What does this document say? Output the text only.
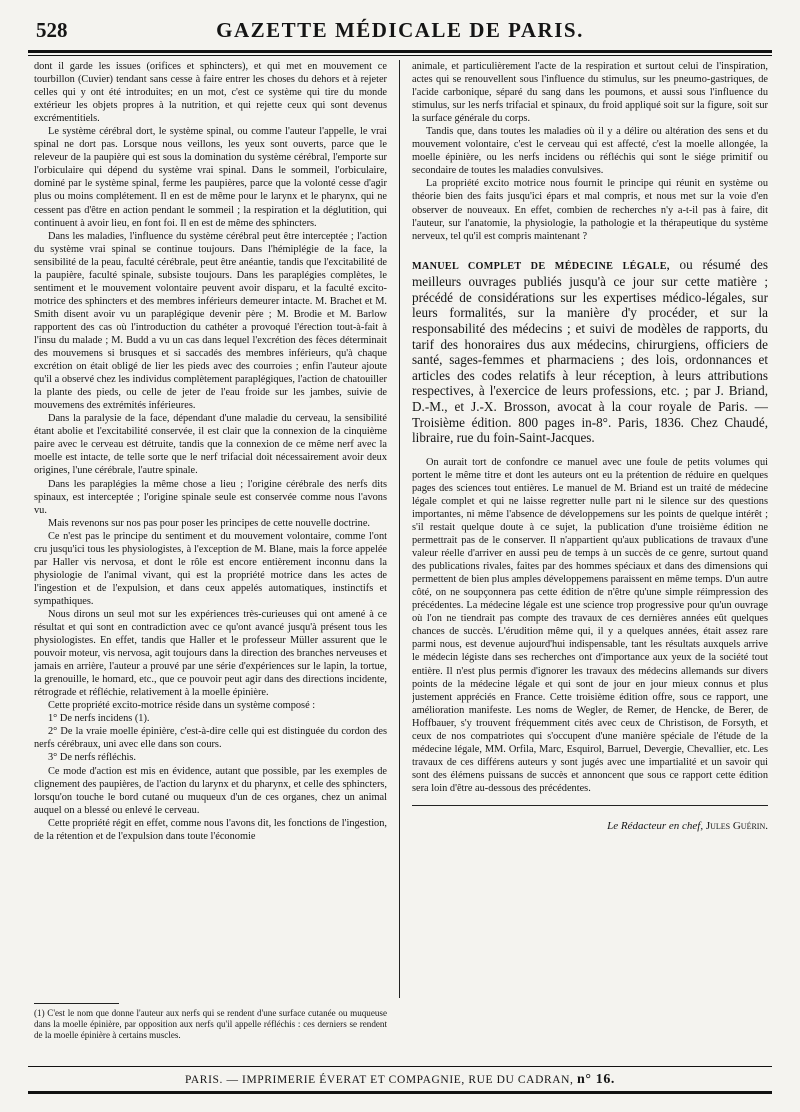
528	GAZETTE MÉDICALE DE PARIS.

dont il garde les issues (orifices et sphincters), et qui met en mouvement ce tourbillon (Cuvier) tendant sans cesse à faire entrer les choses du dehors et à rejeter celles qui y ont été introduites; en un mot, c'est ce système qui tire du monde extérieur les objets propres à la nutrition, et qui rejette ceux qui sont devenus excrémentitiels.

Le système cérébral dort, le système spinal, ou comme l'auteur l'appelle, le vrai spinal ne dort pas. Lorsque nous veillons, les yeux sont ouverts, parce que le releveur de la paupière qui est sous la domination du système cérébral, l'emporte sur l'orbiculaire qui dépend du système vrai spinal. Dans le sommeil, l'orbiculaire, dominé par le système spinal, ferme les paupières, parce que la volonté cesse d'agir plus ou moins complétement. Il en est de même pour le larynx et le pharynx, qui ne cessent pas d'être en action pendant le sommeil ; la respiration et la déglutition, qui continuent à avoir lieu, en font foi. Il en est de même des sphincters.

Dans les maladies, l'influence du système cérébral peut être interceptée ; l'action du système vrai spinal se continue toujours. Dans l'hémiplégie de la face, la sensibilité de la peau, faculté cérébrale, peut être anéantie, tandis que l'excitabilité de la paupière, faculté spinale, subsiste toujours. Dans les paraplégies complètes, le sentiment et le mouvement volontaire peuvent avoir disparu, et la faculté excito-motrice des sphincters et des membres inférieurs demeurer intacte. M. Brachet et M. Smith disent avoir vu un paraplégique devenir père ; M. Brodie et M. Barlow rapportent des cas où l'introduction du cathéter a provoqué l'érection tout-à-fait à l'insu du malade ; M. Budd a vu un cas dans lequel l'excrétion des fèces déterminait des mouvemens si brusques et si saccadés des membres inférieurs, qu'à chaque excrétion on était obligé de lier les pieds avec des courroies ; enfin l'auteur ajoute qu'il a observé chez les individus complètement paraplégiques, l'action de chatouiller la plante des pieds, ou celle de jeter de l'eau froide sur les jambes, suivie de mouvemens des extrémités inférieures.

Dans la paralysie de la face, dépendant d'une maladie du cerveau, la sensibilité étant abolie et l'excitabilité conservée, il est clair que la connexion de la cinquième paire avec le cerveau est détruite, tandis que la connexion de ce même nerf avec la moelle est intacte, de telle sorte que le nerf trifacial doit nécessairement avoir deux origines, l'une cérébrale, l'autre spinale.

Dans les paraplégies la même chose a lieu ; l'origine cérébrale des nerfs dits spinaux, est interceptée ; l'origine spinale seule est conservée comme nous l'avons vu.

Mais revenons sur nos pas pour poser les principes de cette nouvelle doctrine.

Ce n'est pas le principe du sentiment et du mouvement volontaire, comme l'ont cru jusqu'ici tous les physiologistes, à l'exception de M. Blane, mais la force appelée par Haller vis nervosa, et dont le rôle est encore entièrement inconnu dans la physiologie de l'animal vivant, qui est la propriété motrice dans les actes de l'ingestion et de l'expulsion, et dans ceux appelés automatiques, instinctifs et sympathiques.

Nous dirons un seul mot sur les expériences très-curieuses qui ont amené à ce résultat et qui sont en contradiction avec ce qu'ont avancé jusqu'à présent tous les physiologistes. En effet, tandis que Haller et le professeur Müller assurent que le pouvoir moteur, vis nervosa, agit toujours dans la direction des branches nerveuses et jamais en arrière, l'auteur a prouvé par une série d'expériences sur le lapin, la tortue, la grenouille, le homard, etc., que ce pouvoir peut agir dans des directions incidente, rétrograde et réfléchie, relativement à la moelle épinière.

Cette propriété excito-motrice réside dans un système composé :

1° De nerfs incidens (1).

2° De la vraie moelle épinière, c'est-à-dire celle qui est distinguée du cordon des nerfs cérébraux, uni avec elle dans son cours.

3° De nerfs réfléchis.

Ce mode d'action est mis en évidence, autant que possible, par les exemples de clignement des paupières, de l'action du larynx et du pharynx, et celle des sphincters, lorsqu'on touche le bord cutané ou muqueux d'un de ces organes, chez un animal auquel on a blessé ou enlevé le cerveau.

Cette propriété régit en effet, comme nous l'avons dit, les fonctions de l'ingestion, de la rétention et de l'expulsion dans toute l'économie

(1) C'est le nom que donne l'auteur aux nerfs qui se rendent d'une surface cutanée ou muqueuse dans la moelle épinière, par opposition aux nerfs qu'il appelle réfléchis : ces derniers se rendent de la moelle épinière à certains muscles.

animale, et particulièrement l'acte de la respiration et surtout celui de l'inspiration, actes qui se renouvellent sous l'influence du stimulus, sur les pneumo-gastriques, de l'acide carbonique, séparé du sang dans les poumons, et aussi sous l'influence du stimulus, sur les nerfs trifacial et spinaux, du froid appliqué soit sur la figure, soit sur la surface générale du corps.

Tandis que, dans toutes les maladies où il y a délire ou altération des sens et du mouvement volontaire, c'est le cerveau qui est affecté, c'est la moelle allongée, la moelle épinière, ou les nerfs incidens ou réfléchis qui sont le siége primitif ou secondaire de toutes les maladies convulsives.

La propriété excito motrice nous fournit le principe qui réunit en système ou théorie bien des faits jusqu'ici épars et mal compris, et nous met sur la voie d'en observer de nouveaux. En effet, combien de recherches n'y a-t-il pas à faire, dit l'auteur, sur l'anatomie, la physiologie, la pathologie et la thérapeutique du système nerveux, tel qu'il est compris maintenant ?

MANUEL COMPLET DE MÉDECINE LÉGALE, ou résumé des meilleurs ouvrages publiés jusqu'à ce jour sur cette matière ; précédé de considérations sur les expertises médico-légales, sur leurs formalités, sur la manière d'y procéder, et sur la responsabilité des médecins ; et suivi de modèles de rapports, du tarif des honoraires dus aux médecins, chirurgiens, officiers de santé, sages-femmes et pharmaciens ; des lois, ordonnances et articles des codes relatifs à leur réception, à leurs attributions respectives, à l'exercice de leurs professions, etc. ; par J. Briand, D.-M., et J.-X. Brosson, avocat à la cour royale de Paris. — Troisième édition. 800 pages in-8°. Paris, 1836. Chez Chaudé, libraire, rue du foin-Saint-Jacques.

On aurait tort de confondre ce manuel avec une foule de petits volumes qui portent le même titre et dont les auteurs ont eu la prétention de réduire en quelques pages des sciences tout entières. Le manuel de M. Briand est un traité de médecine légale complet et qui ne laisse regretter nulle part ni le silence sur des questions importantes, ni même l'absence de développemens sur les points de quelque intérêt ; s'il restait quelque doute à ce sujet, la publication d'une troisième édition ne permettrait pas de le conserver. Il n'appartient qu'aux publications de travaux d'une valeur réelle d'arriver en aussi peu de temps à un succès de ce genre, surtout quand des publications rivales, faites par des hommes spéciaux et dans des dimensions qui permettent de bien plus amples développemens paraissent en même temps. D'un autre côté, on ne soupçonnera pas cette édition de n'être qu'une simple réimpression des précédentes. La médecine légale est une science trop progressive pour qu'un ouvrage où l'on ne tiendrait pas compte des travaux de ces dernières années eût quelques chances de succès. L'érudition même qui, il y a quelques années, était assez rare parmi nous, est devenue aujourd'hui indispensable, tant les résultats auxquels arrive le médecin légiste dans ses recherches ont d'importance aux yeux de la société tout entière. Il n'est plus permis d'ignorer les travaux des médecins allemands sur divers points de la médecine légale et qui sont de jour en jour mieux connus et plus justement appréciés en France. Cette troisième édition offre, sous ce rapport, une amélioration manifeste. Les noms de Wegler, de Remer, de Hencke, de Berer, de Hoffbauer, s'y trouvent fréquemment cités avec ceux de Christison, de Forsyth, et ceux de nos compatriotes qui s'occupent d'une manière spéciale de l'étude de la médecine légale, MM. Orfila, Marc, Esquirol, Barruel, Devergie, Chevallier, etc. Les travaux de ces différens auteurs y sont jugés avec une impartialité et un savoir qui sont des élémens puissans de succès et annoncent que sous ce rapport cette édition sera loin d'être au-dessous des précédentes.

Le Rédacteur en chef, Jules Guérin.
PARIS. — IMPRIMERIE ÉVERAT ET COMPAGNIE, RUE DU CADRAN, n° 16.
